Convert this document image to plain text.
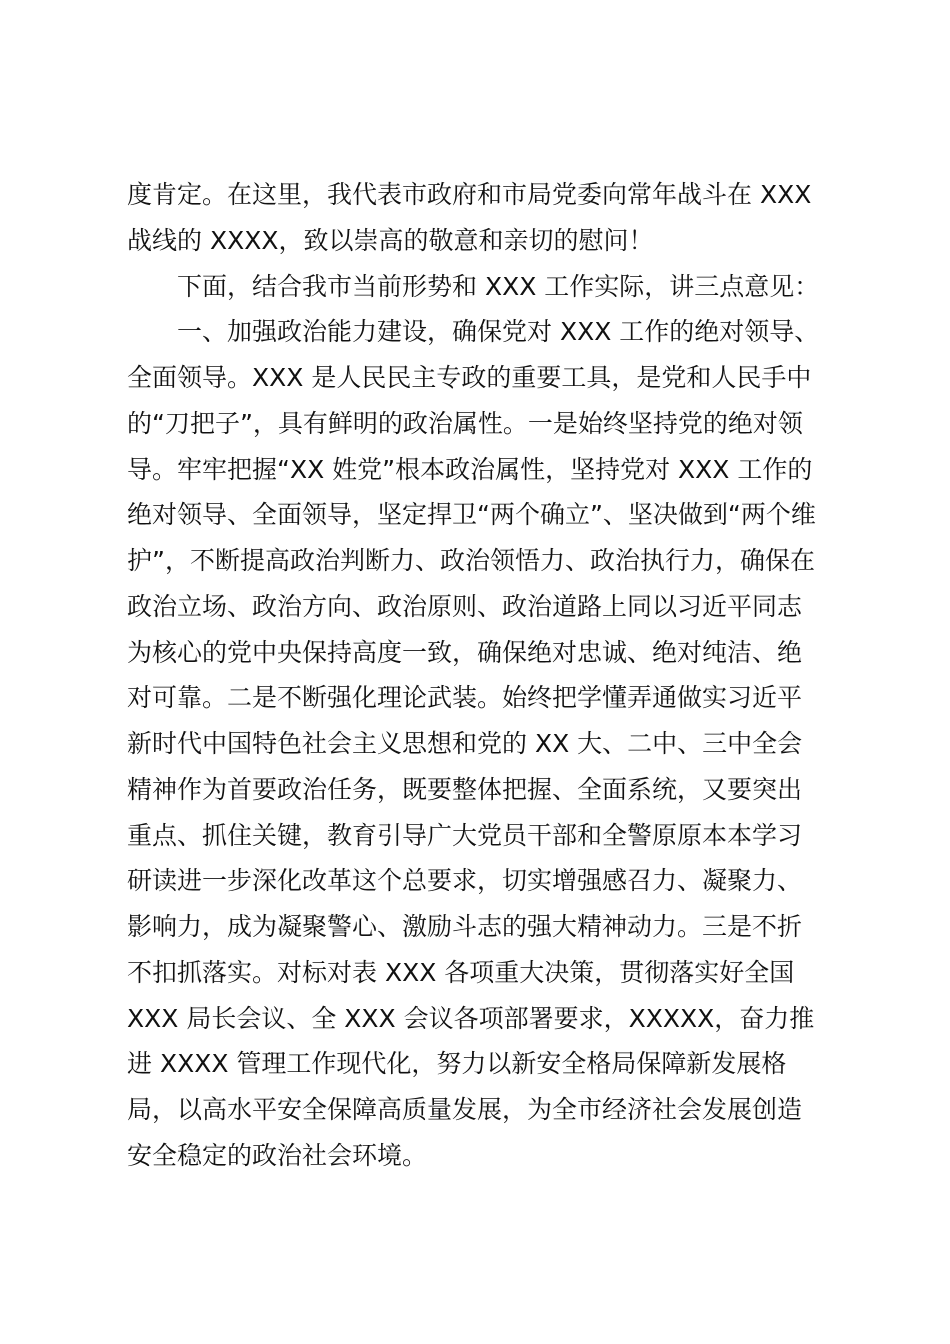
度肯定。在这里，我代表市政府和市局党委向常年战斗在 XXX
战线的 XXXX，致以崇高的敬意和亲切的慰问！
下面，结合我市当前形势和 XXX 工作实际，讲三点意见：
一、加强政治能力建设，确保党对 XXX 工作的绝对领导、
全面领导。XXX 是人民民主专政的重要工具，是党和人民手中
的“刀把子”，具有鲜明的政治属性。一是始终坚持党的绝对领
导。牢牢把握“XX 姓党”根本政治属性，坚持党对 XXX 工作的
绝对领导、全面领导，坚定捍卫“两个确立”、坚决做到“两个维
护”，不断提高政治判断力、政治领悟力、政治执行力，确保在
政治立场、政治方向、政治原则、政治道路上同以习近平同志
为核心的党中央保持高度一致，确保绝对忠诚、绝对纯洁、绝
对可靠。二是不断强化理论武装。始终把学懂弄通做实习近平
新时代中国特色社会主义思想和党的 XX 大、二中、三中全会
精神作为首要政治任务，既要整体把握、全面系统，又要突出
重点、抓住关键，教育引导广大党员干部和全警原原本本学习
研读进一步深化改革这个总要求，切实增强感召力、凝聚力、
影响力，成为凝聚警心、激励斗志的强大精神动力。三是不折
不扣抓落实。对标对表 XXX 各项重大决策，贯彻落实好全国
XXX 局长会议、全 XXX 会议各项部署要求，XXXXX，奋力推
进 XXXX 管理工作现代化，努力以新安全格局保障新发展格
局，以高水平安全保障高质量发展，为全市经济社会发展创造
安全稳定的政治社会环境。
